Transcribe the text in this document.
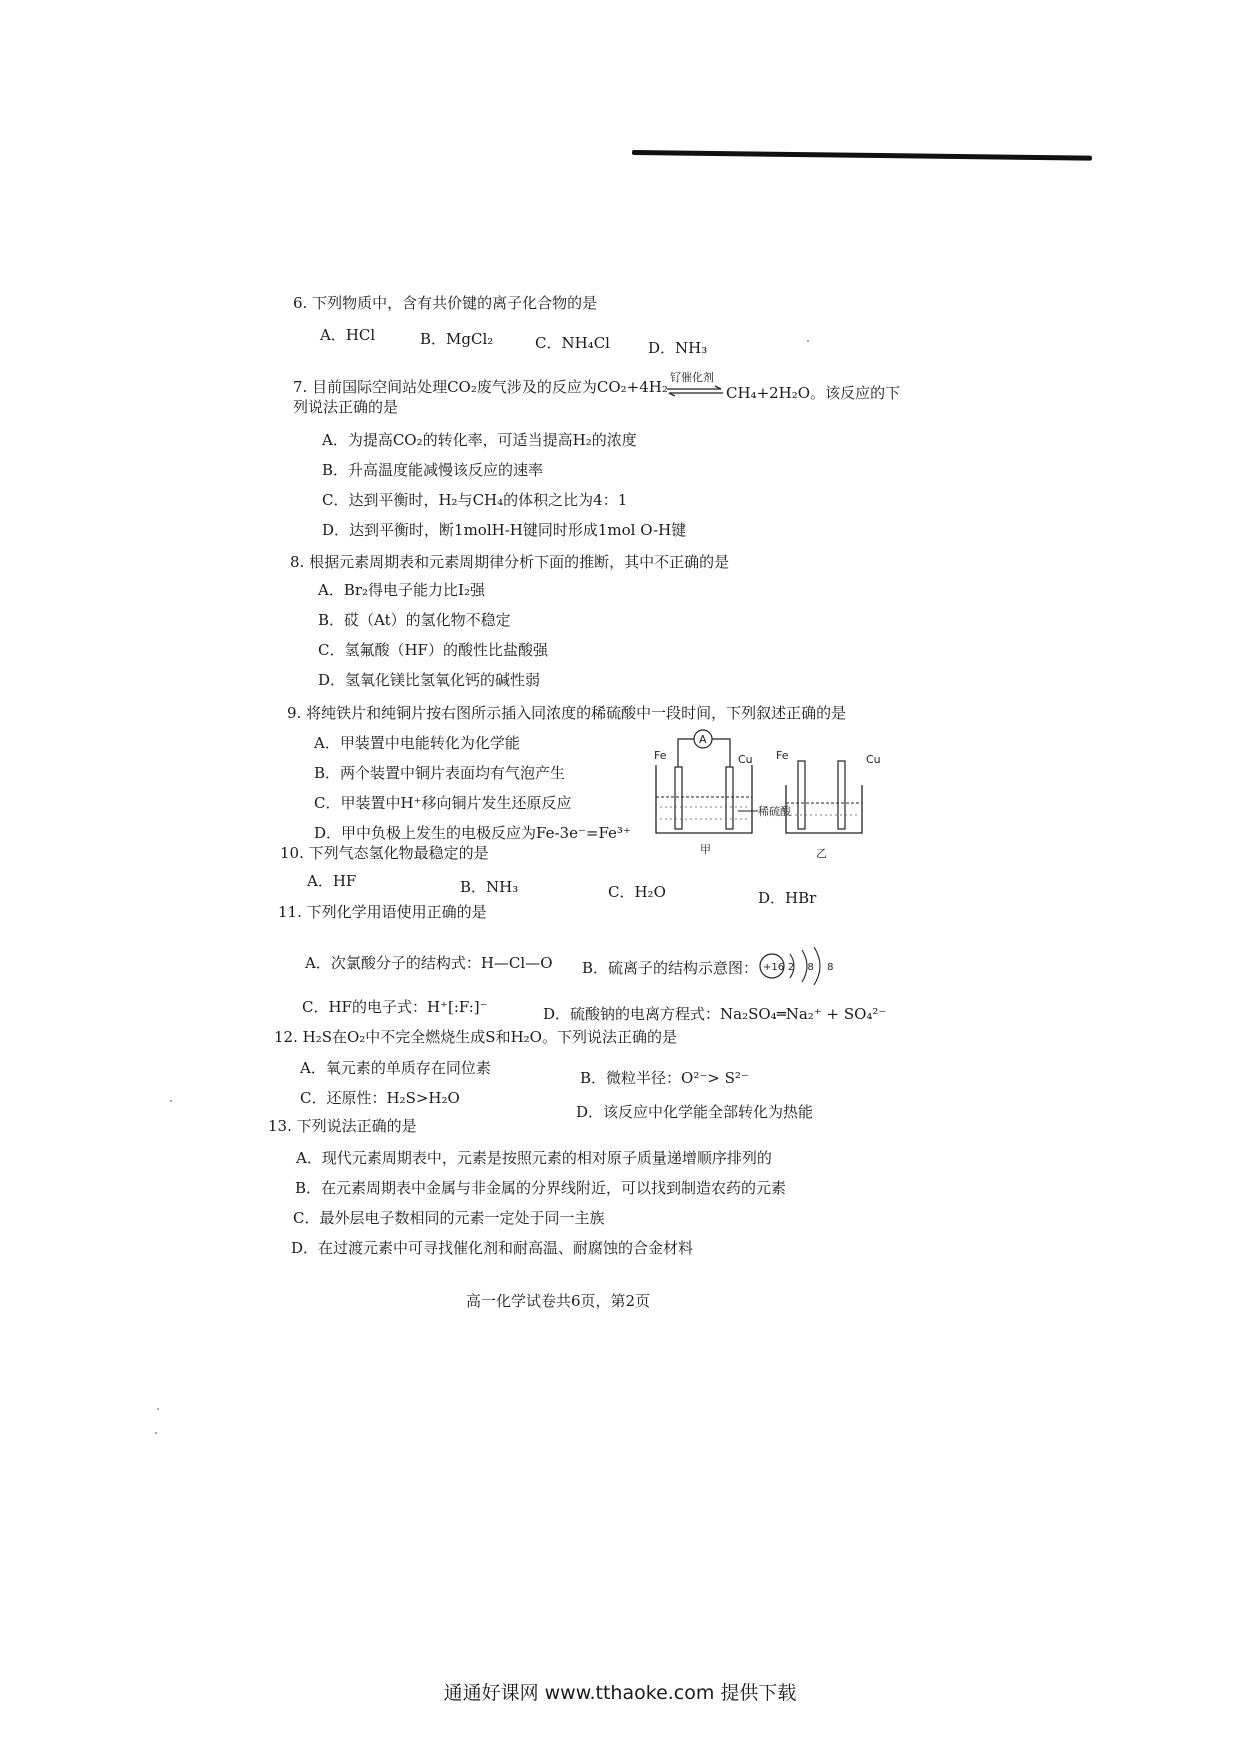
6. 下列物质中，含有共价键的离子化合物的是
A．HCl	B．MgCl₂	C．NH₄Cl	D．NH₃
7. 目前国际空间站处理CO₂废气涉及的反应为CO₂+4H₂
钌催化剂
CH₄+2H₂O。该反应的下
列说法正确的是
A．为提高CO₂的转化率，可适当提高H₂的浓度
B．升高温度能减慢该反应的速率
C．达到平衡时，H₂与CH₄的体积之比为4：1
D．达到平衡时，断1molH-H键同时形成1mol O-H键
8. 根据元素周期表和元素周期律分析下面的推断，其中不正确的是
A．Br₂得电子能力比I₂强
B．砹（At）的氢化物不稳定
C．氢氟酸（HF）的酸性比盐酸强
D．氢氧化镁比氢氧化钙的碱性弱
9. 将纯铁片和纯铜片按右图所示插入同浓度的稀硫酸中一段时间，下列叙述正确的是
A．甲装置中电能转化为化学能
B．两个装置中铜片表面均有气泡产生
C．甲装置中H⁺移向铜片发生还原反应
D．甲中负极上发生的电极反应为Fe-3e⁻=Fe³⁺
Fe	Cu
A
稀硫酸
甲
Fe	Cu
乙
10. 下列气态氢化物最稳定的是
A．HF	B．NH₃	C．H₂O	D．HBr
11. 下列化学用语使用正确的是
A．次氯酸分子的结构式：H—Cl—O B．硫离子的结构示意图： +16 2 8 8
C．HF的电子式：H⁺[:F:]⁻	D．硫酸钠的电离方程式：Na₂SO₄═Na₂⁺ + SO₄²⁻
12. H₂S在O₂中不完全燃烧生成S和H₂O。下列说法正确的是
A．氧元素的单质存在同位素
B．微粒半径：O²⁻> S²⁻
C．还原性：H₂S>H₂O
D．该反应中化学能全部转化为热能
13. 下列说法正确的是
A．现代元素周期表中，元素是按照元素的相对原子质量递增顺序排列的
B．在元素周期表中金属与非金属的分界线附近，可以找到制造农药的元素
C．最外层电子数相同的元素一定处于同一主族
D．在过渡元素中可寻找催化剂和耐高温、耐腐蚀的合金材料
高一化学试卷共6页，第2页
通通好课网 www.tthaoke.com 提供下载
